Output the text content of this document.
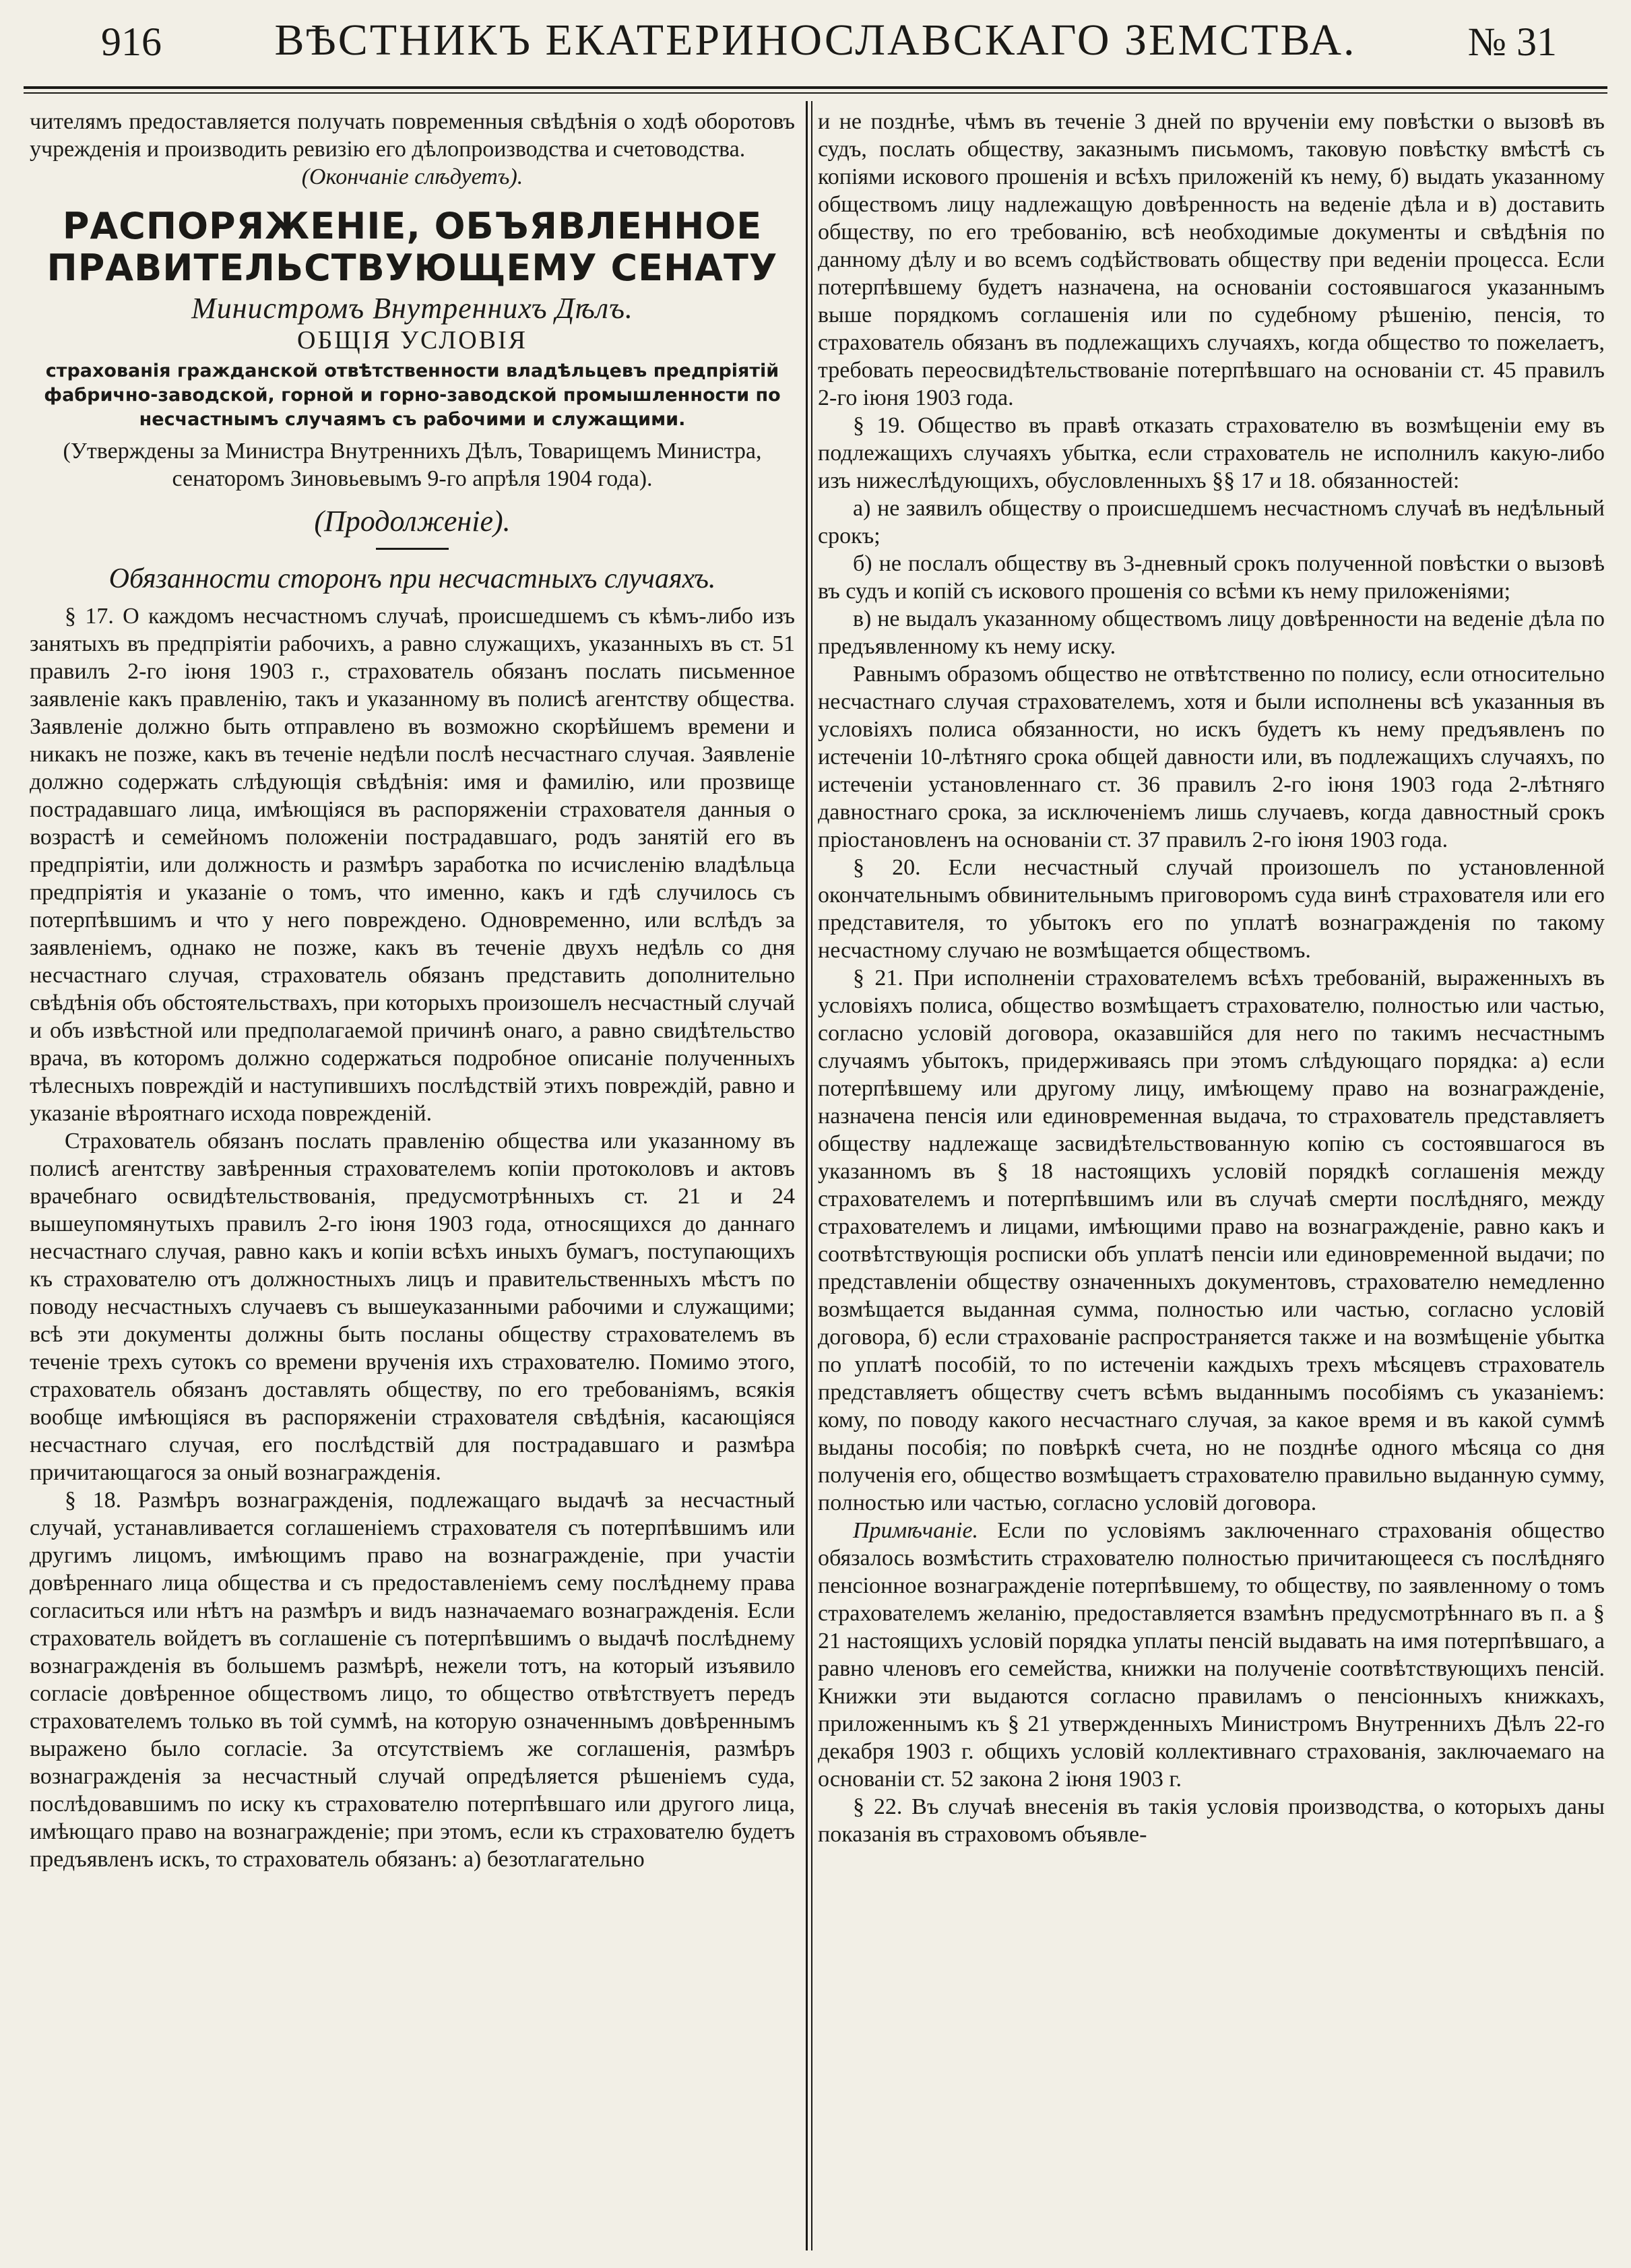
916	ВѢСТНИКЪ ЕКАТЕРИНОСЛАВСКАГО ЗЕМСТВА.	№ 31

чителямъ предоставляется получать повременныя свѣдѣнія о ходѣ оборотовъ учрежденія и производить ревизію его дѣлопроизводства и счетоводства.

(Окончаніе слѣдуетъ).

РАСПОРЯЖЕНІЕ, ОБЪЯВЛЕННОЕ ПРАВИТЕЛЬСТВУЮЩЕМУ СЕНАТУ
Министромъ Внутреннихъ Дѣлъ.
ОБЩІЯ УСЛОВІЯ
страхованія гражданской отвѣтственности владѣльцевъ предпріятій фабрично-заводской, горной и горно-заводской промышленности по несчастнымъ случаямъ съ рабочими и служащими.
(Утверждены за Министра Внутреннихъ Дѣлъ, Товарищемъ Министра, сенаторомъ Зиновьевымъ 9-го апрѣля 1904 года).
(Продолженіе).
Обязанности сторонъ при несчастныхъ случаяхъ.

§ 17. О каждомъ несчастномъ случаѣ, происшедшемъ съ кѣмъ-либо изъ занятыхъ въ предпріятіи рабочихъ, а равно служащихъ, указанныхъ въ ст. 51 правилъ 2-го іюня 1903 г., страхователь обязанъ послать письменное заявленіе какъ правленію, такъ и указанному въ полисѣ агентству общества. Заявленіе должно быть отправлено въ возможно скорѣйшемъ времени и никакъ не позже, какъ въ теченіе недѣли послѣ несчастнаго случая. Заявленіе должно содержать слѣдующія свѣдѣнія: имя и фамилію, или прозвище пострадавшаго лица, имѣющіяся въ распоряженіи страхователя данныя о возрастѣ и семейномъ положеніи пострадавшаго, родъ занятій его въ предпріятіи, или должность и размѣръ заработка по исчисленію владѣльца предпріятія и указаніе о томъ, что именно, какъ и гдѣ случилось съ потерпѣвшимъ и что у него повреждено. Одновременно, или вслѣдъ за заявленіемъ, однако не позже, какъ въ теченіе двухъ недѣль со дня несчастнаго случая, страхователь обязанъ представить дополнительно свѣдѣнія объ обстоятельствахъ, при которыхъ произошелъ несчастный случай и объ извѣстной или предполагаемой причинѣ онаго, а равно свидѣтельство врача, въ которомъ должно содержаться подробное описаніе полученныхъ тѣлесныхъ повреждій и наступившихъ послѣдствій этихъ повреждій, равно и указаніе вѣроятнаго исхода поврежденій.

Страхователь обязанъ послать правленію общества или указанному въ полисѣ агентству завѣренныя страхователемъ копіи протоколовъ и актовъ врачебнаго освидѣтельствованія, предусмотрѣнныхъ ст. 21 и 24 вышеупомянутыхъ правилъ 2-го іюня 1903 года, относящихся до даннаго несчастнаго случая, равно какъ и копіи всѣхъ иныхъ бумагъ, поступающихъ къ страхователю отъ должностныхъ лицъ и правительственныхъ мѣстъ по поводу несчастныхъ случаевъ съ вышеуказанными рабочими и служащими; всѣ эти документы должны быть посланы обществу страхователемъ въ теченіе трехъ сутокъ со времени врученія ихъ страхователю. Помимо этого, страхователь обязанъ доставлять обществу, по его требованіямъ, всякія вообще имѣющіяся въ распоряженіи страхователя свѣдѣнія, касающіяся несчастнаго случая, его послѣдствій для пострадавшаго и размѣра причитающагося за оный вознагражденія.

§ 18. Размѣръ вознагражденія, подлежащаго выдачѣ за несчастный случай, устанавливается соглашеніемъ страхователя съ потерпѣвшимъ или другимъ лицомъ, имѣющимъ право на вознагражденіе, при участіи довѣреннаго лица общества и съ предоставленіемъ сему послѣднему права согласиться или нѣтъ на размѣръ и видъ назначаемаго вознагражденія. Если страхователь войдетъ въ соглашеніе съ потерпѣвшимъ о выдачѣ послѣднему вознагражденія въ большемъ размѣрѣ, нежели тотъ, на который изъявило согласіе довѣренное обществомъ лицо, то общество отвѣтствуетъ передъ страхователемъ только въ той суммѣ, на которую означеннымъ довѣреннымъ выражено было согласіе. За отсутствіемъ же соглашенія, размѣръ вознагражденія за несчастный случай опредѣляется рѣшеніемъ суда, послѣдовавшимъ по иску къ страхователю потерпѣвшаго или другого лица, имѣющаго право на вознагражденіе; при этомъ, если къ страхователю будетъ предъявленъ искъ, то страхователь обязанъ: а) безотлагательно

и не позднѣе, чѣмъ въ теченіе 3 дней по врученіи ему повѣстки о вызовѣ въ судъ, послать обществу, заказнымъ письмомъ, таковую повѣстку вмѣстѣ съ копіями искового прошенія и всѣхъ приложеній къ нему, б) выдать указанному обществомъ лицу надлежащую довѣренность на веденіе дѣла и в) доставить обществу, по его требованію, всѣ необходимые документы и свѣдѣнія по данному дѣлу и во всемъ содѣйствовать обществу при веденіи процесса. Если потерпѣвшему будетъ назначена, на основаніи состоявшагося указаннымъ выше порядкомъ соглашенія или по судебному рѣшенію, пенсія, то страхователь обязанъ въ подлежащихъ случаяхъ, когда общество то пожелаетъ, требовать переосвидѣтельствованіе потерпѣвшаго на основаніи ст. 45 правилъ 2-го іюня 1903 года.

§ 19. Общество въ правѣ отказать страхователю въ возмѣщеніи ему въ подлежащихъ случаяхъ убытка, если страхователь не исполнилъ какую-либо изъ нижеслѣдующихъ, обусловленныхъ §§ 17 и 18. обязанностей:

а) не заявилъ обществу о происшедшемъ несчастномъ случаѣ въ недѣльный срокъ;

б) не послалъ обществу въ 3-дневный срокъ полученной повѣстки о вызовѣ въ судъ и копій съ искового прошенія со всѣми къ нему приложеніями;

в) не выдалъ указанному обществомъ лицу довѣренности на веденіе дѣла по предъявленному къ нему иску.

Равнымъ образомъ общество не отвѣтственно по полису, если относительно несчастнаго случая страхователемъ, хотя и были исполнены всѣ указанныя въ условіяхъ полиса обязанности, но искъ будетъ къ нему предъявленъ по истеченіи 10-лѣтняго срока общей давности или, въ подлежащихъ случаяхъ, по истеченіи установленнаго ст. 36 правилъ 2-го іюня 1903 года 2-лѣтняго давностнаго срока, за исключеніемъ лишь случаевъ, когда давностный срокъ пріостановленъ на основаніи ст. 37 правилъ 2-го іюня 1903 года.

§ 20. Если несчастный случай произошелъ по установленной окончательнымъ обвинительнымъ приговоромъ суда винѣ страхователя или его представителя, то убытокъ его по уплатѣ вознагражденія по такому несчастному случаю не возмѣщается обществомъ.

§ 21. При исполненіи страхователемъ всѣхъ требованій, выраженныхъ въ условіяхъ полиса, общество возмѣщаетъ страхователю, полностью или частью, согласно условій договора, оказавшійся для него по такимъ несчастнымъ случаямъ убытокъ, придерживаясь при этомъ слѣдующаго порядка: а) если потерпѣвшему или другому лицу, имѣющему право на вознагражденіе, назначена пенсія или единовременная выдача, то страхователь представляетъ обществу надлежаще засвидѣтельствованную копію съ состоявшагося въ указанномъ въ § 18 настоящихъ условій порядкѣ соглашенія между страхователемъ и потерпѣвшимъ или въ случаѣ смерти послѣдняго, между страхователемъ и лицами, имѣющими право на вознагражденіе, равно какъ и соотвѣтствующія росписки объ уплатѣ пенсіи или единовременной выдачи; по представленіи обществу означенныхъ документовъ, страхователю немедленно возмѣщается выданная сумма, полностью или частью, согласно условій договора, б) если страхованіе распространяется также и на возмѣщеніе убытка по уплатѣ пособій, то по истеченіи каждыхъ трехъ мѣсяцевъ страхователь представляетъ обществу счетъ всѣмъ выданнымъ пособіямъ съ указаніемъ: кому, по поводу какого несчастнаго случая, за какое время и въ какой суммѣ выданы пособія; по повѣркѣ счета, но не позднѣе одного мѣсяца со дня полученія его, общество возмѣщаетъ страхователю правильно выданную сумму, полностью или частью, согласно условій договора.

Примѣчаніе. Если по условіямъ заключеннаго страхованія общество обязалось возмѣстить страхователю полностью причитающееся съ послѣдняго пенсіонное вознагражденіе потерпѣвшему, то обществу, по заявленному о томъ страхователемъ желанію, предоставляется взамѣнъ предусмотрѣннаго въ п. а § 21 настоящихъ условій порядка уплаты пенсій выдавать на имя потерпѣвшаго, а равно членовъ его семейства, книжки на полученіе соотвѣтствующихъ пенсій. Книжки эти выдаются согласно правиламъ о пенсіонныхъ книжкахъ, приложеннымъ къ § 21 утвержденныхъ Министромъ Внутреннихъ Дѣлъ 22-го декабря 1903 г. общихъ условій коллективнаго страхованія, заключаемаго на основаніи ст. 52 закона 2 іюня 1903 г.

§ 22. Въ случаѣ внесенія въ такія условія производства, о которыхъ даны показанія въ страховомъ объявле-
